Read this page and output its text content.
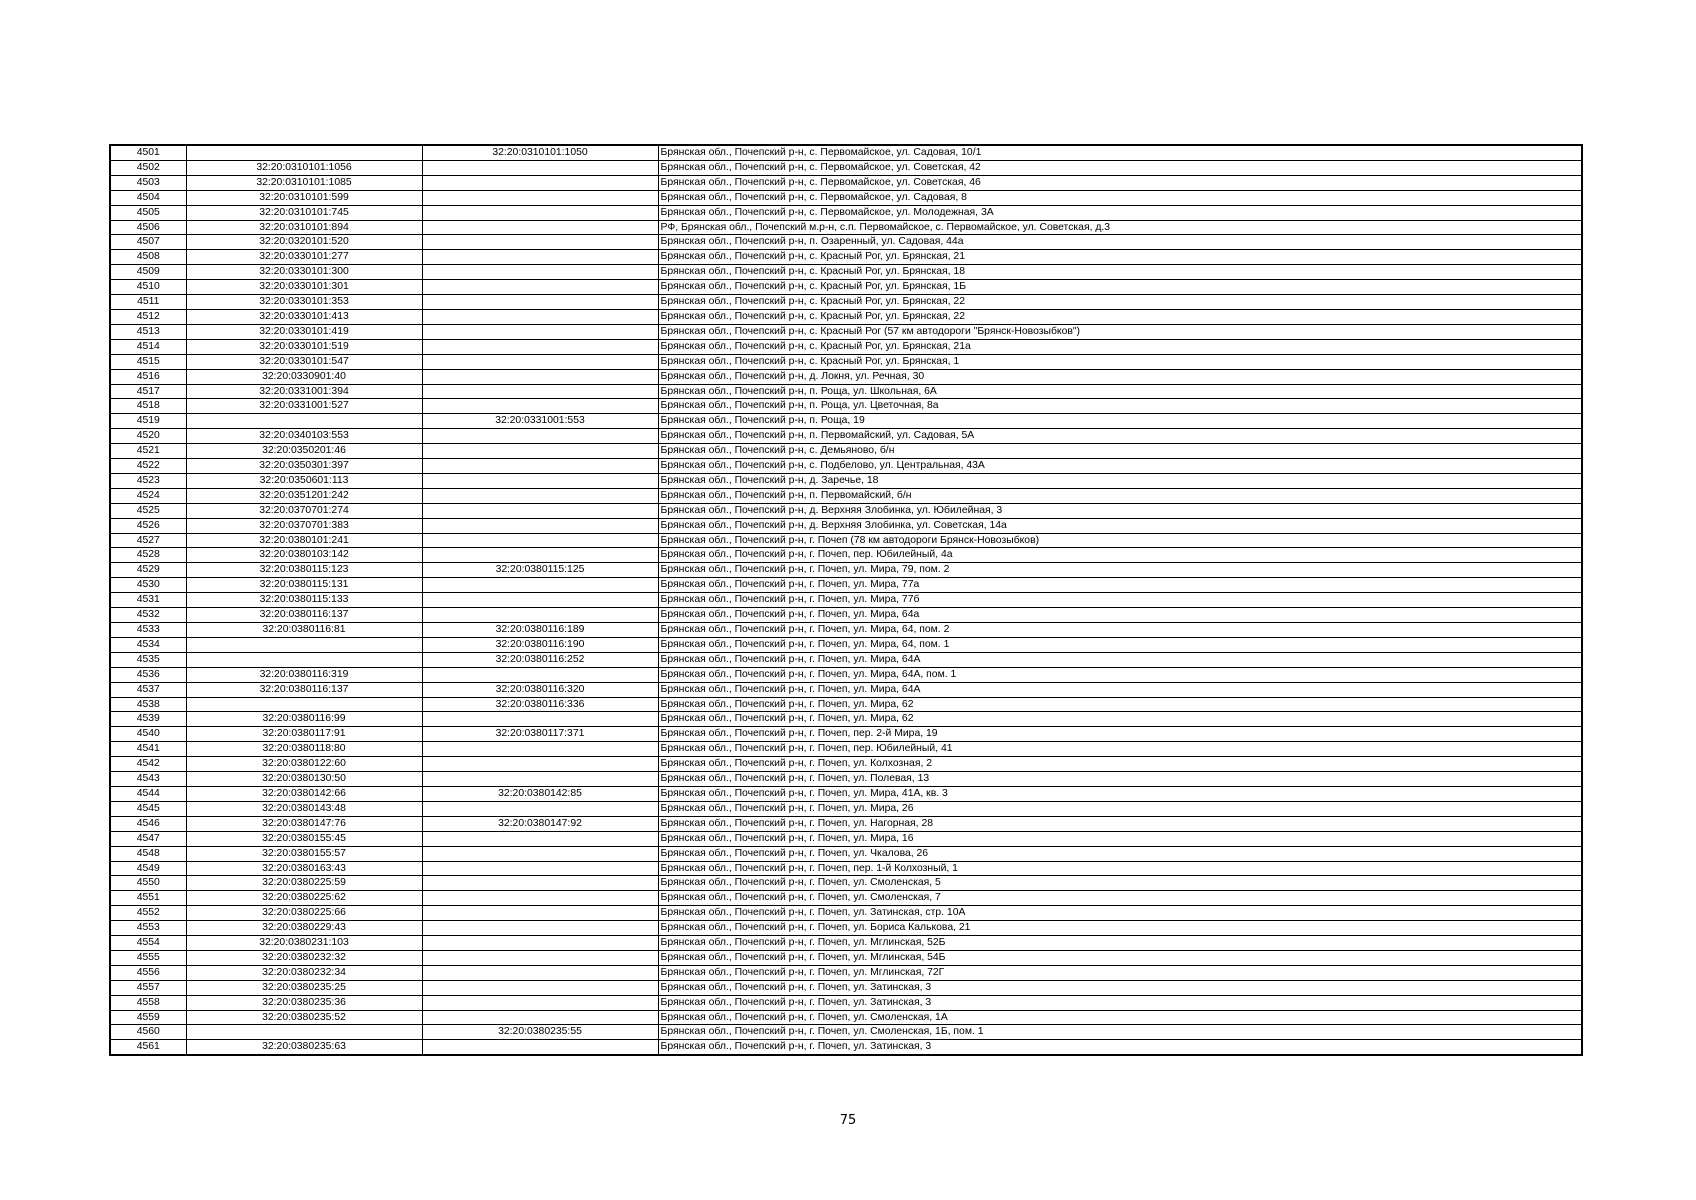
4501		32:20:0310101:1050	Брянская обл., Почепский р-н, с. Первомайское, ул. Садовая, 10/1
4502	32:20:0310101:1056		Брянская обл., Почепский р-н, с. Первомайское, ул. Советская, 42
4503	32:20:0310101:1085		Брянская обл., Почепский р-н, с. Первомайское, ул. Советская, 46
4504	32:20:0310101:599		Брянская обл., Почепский р-н, с. Первомайское, ул. Садовая, 8
4505	32:20:0310101:745		Брянская обл., Почепский р-н, с. Первомайское, ул. Молодежная, 3А
4506	32:20:0310101:894		РФ, Брянская обл., Почепский м.р-н, с.п. Первомайское, с. Первомайское, ул. Советская, д.3
4507	32:20:0320101:520		Брянская обл., Почепский р-н, п. Озаренный, ул. Садовая, 44а
4508	32:20:0330101:277		Брянская обл., Почепский р-н, с. Красный Рог, ул. Брянская, 21
4509	32:20:0330101:300		Брянская обл., Почепский р-н, с. Красный Рог, ул. Брянская, 18
4510	32:20:0330101:301		Брянская обл., Почепский р-н, с. Красный Рог, ул. Брянская, 1Б
4511	32:20:0330101:353		Брянская обл., Почепский р-н, с. Красный Рог, ул. Брянская, 22
4512	32:20:0330101:413		Брянская обл., Почепский р-н, с. Красный Рог, ул. Брянская, 22
4513	32:20:0330101:419		Брянская обл., Почепский р-н, с. Красный Рог (57 км автодороги "Брянск-Новозыбков")
4514	32:20:0330101:519		Брянская обл., Почепский р-н, с. Красный Рог, ул. Брянская, 21а
4515	32:20:0330101:547		Брянская обл., Почепский р-н, с. Красный Рог, ул. Брянская, 1
4516	32:20:0330901:40		Брянская обл., Почепский р-н, д. Локня, ул. Речная, 30
4517	32:20:0331001:394		Брянская обл., Почепский р-н, п. Роща, ул. Школьная, 6А
4518	32:20:0331001:527		Брянская обл., Почепский р-н, п. Роща, ул. Цветочная, 8а
4519		32:20:0331001:553	Брянская обл., Почепский р-н, п. Роща, 19
4520	32:20:0340103:553		Брянская обл., Почепский р-н, п. Первомайский, ул. Садовая, 5А
4521	32:20:0350201:46		Брянская обл., Почепский р-н, с. Демьяново, б/н
4522	32:20:0350301:397		Брянская обл., Почепский р-н, с. Подбелово, ул. Центральная, 43А
4523	32:20:0350601:113		Брянская обл., Почепский р-н, д. Заречье, 18
4524	32:20:0351201:242		Брянская обл., Почепский р-н, п. Первомайский, б/н
4525	32:20:0370701:274		Брянская обл., Почепский р-н, д. Верхняя Злобинка, ул. Юбилейная, 3
4526	32:20:0370701:383		Брянская обл., Почепский р-н, д. Верхняя Злобинка, ул. Советская, 14а
4527	32:20:0380101:241		Брянская обл., Почепский р-н, г. Почеп (78 км автодороги Брянск-Новозыбков)
4528	32:20:0380103:142		Брянская обл., Почепский р-н, г. Почеп, пер. Юбилейный, 4а
4529	32:20:0380115:123	32:20:0380115:125	Брянская обл., Почепский р-н, г. Почеп, ул. Мира, 79, пом. 2
4530	32:20:0380115:131		Брянская обл., Почепский р-н, г. Почеп, ул. Мира, 77а
4531	32:20:0380115:133		Брянская обл., Почепский р-н, г. Почеп, ул. Мира, 77б
4532	32:20:0380116:137		Брянская обл., Почепский р-н, г. Почеп, ул. Мира, 64а
4533	32:20:0380116:81	32:20:0380116:189	Брянская обл., Почепский р-н, г. Почеп, ул. Мира, 64, пом. 2
4534		32:20:0380116:190	Брянская обл., Почепский р-н, г. Почеп, ул. Мира, 64, пом. 1
4535		32:20:0380116:252	Брянская обл., Почепский р-н, г. Почеп, ул. Мира, 64А
4536	32:20:0380116:319		Брянская обл., Почепский р-н, г. Почеп, ул. Мира, 64А, пом. 1
4537	32:20:0380116:137	32:20:0380116:320	Брянская обл., Почепский р-н, г. Почеп, ул. Мира, 64А
4538		32:20:0380116:336	Брянская обл., Почепский р-н, г. Почеп, ул. Мира, 62
4539	32:20:0380116:99		Брянская обл., Почепский р-н, г. Почеп, ул. Мира, 62
4540	32:20:0380117:91	32:20:0380117:371	Брянская обл., Почепский р-н, г. Почеп, пер. 2-й Мира, 19
4541	32:20:0380118:80		Брянская обл., Почепский р-н, г. Почеп, пер. Юбилейный, 41
4542	32:20:0380122:60		Брянская обл., Почепский р-н, г. Почеп, ул. Колхозная, 2
4543	32:20:0380130:50		Брянская обл., Почепский р-н, г. Почеп, ул. Полевая, 13
4544	32:20:0380142:66	32:20:0380142:85	Брянская обл., Почепский р-н, г. Почеп, ул. Мира, 41А, кв. 3
4545	32:20:0380143:48		Брянская обл., Почепский р-н, г. Почеп, ул. Мира, 26
4546	32:20:0380147:76	32:20:0380147:92	Брянская обл., Почепский р-н, г. Почеп, ул. Нагорная, 28
4547	32:20:0380155:45		Брянская обл., Почепский р-н, г. Почеп, ул. Мира, 16
4548	32:20:0380155:57		Брянская обл., Почепский р-н, г. Почеп, ул. Чкалова, 26
4549	32:20:0380163:43		Брянская обл., Почепский р-н, г. Почеп, пер. 1-й Колхозный, 1
4550	32:20:0380225:59		Брянская обл., Почепский р-н, г. Почеп, ул. Смоленская, 5
4551	32:20:0380225:62		Брянская обл., Почепский р-н, г. Почеп, ул. Смоленская, 7
4552	32:20:0380225:66		Брянская обл., Почепский р-н, г. Почеп, ул. Затинская, стр. 10А
4553	32:20:0380229:43		Брянская обл., Почепский р-н, г. Почеп, ул. Бориса Калькова, 21
4554	32:20:0380231:103		Брянская обл., Почепский р-н, г. Почеп, ул. Мглинская, 52Б
4555	32:20:0380232:32		Брянская обл., Почепский р-н, г. Почеп, ул. Мглинская, 54Б
4556	32:20:0380232:34		Брянская обл., Почепский р-н, г. Почеп, ул. Мглинская, 72Г
4557	32:20:0380235:25		Брянская обл., Почепский р-н, г. Почеп, ул. Затинская, 3
4558	32:20:0380235:36		Брянская обл., Почепский р-н, г. Почеп, ул. Затинская, 3
4559	32:20:0380235:52		Брянская обл., Почепский р-н, г. Почеп, ул. Смоленская, 1А
4560		32:20:0380235:55	Брянская обл., Почепский р-н, г. Почеп, ул. Смоленская, 1Б, пом. 1
4561	32:20:0380235:63		Брянская обл., Почепский р-н, г. Почеп, ул. Затинская, 3
75
